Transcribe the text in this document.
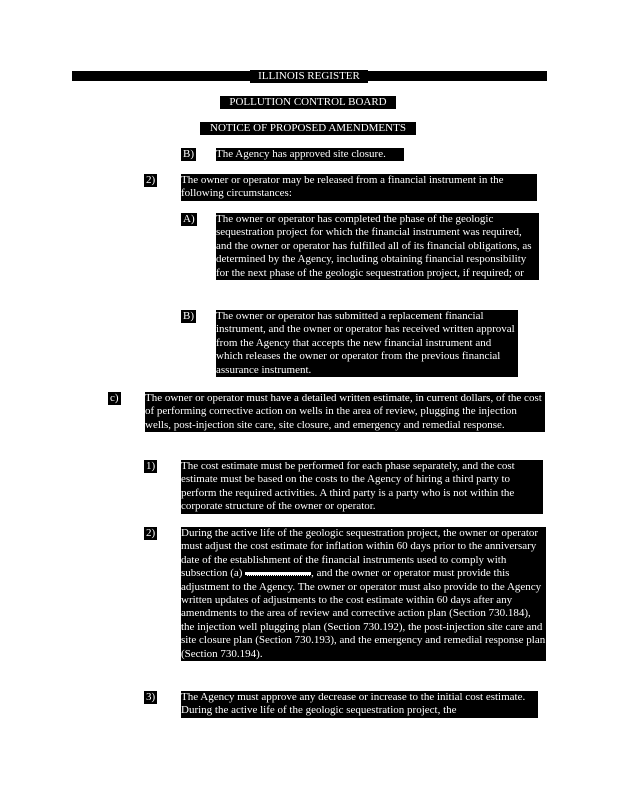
ILLINOIS REGISTER
POLLUTION CONTROL BOARD
NOTICE OF PROPOSED AMENDMENTS
B) The Agency has approved site closure.
2) The owner or operator may be released from a financial instrument in the following circumstances:
A) The owner or operator has completed the phase of the geologic sequestration project for which the financial instrument was required, and the owner or operator has fulfilled all of its financial obligations, as determined by the Agency, including obtaining financial responsibility for the next phase of the geologic sequestration project, if required; or
B) The owner or operator has submitted a replacement financial instrument, and the owner or operator has received written approval from the Agency that accepts the new financial instrument and which releases the owner or operator from the previous financial assurance instrument.
c) The owner or operator must have a detailed written estimate, in current dollars, of the cost of performing corrective action on wells in the area of review, plugging the injection wells, post-injection site care, site closure, and emergency and remedial response.
1) The cost estimate must be performed for each phase separately, and the cost estimate must be based on the costs to the Agency of hiring a third party to perform the required activities. A third party is a party who is not within the corporate structure of the owner or operator.
2) During the active life of the geologic sequestration project, the owner or operator must adjust the cost estimate for inflation within 60 days prior to the anniversary date of the establishment of the financial instruments used to comply with subsection (a)	, and the owner or operator must provide this adjustment to the Agency. The owner or operator must also provide to the Agency written updates of adjustments to the cost estimate within 60 days after any amendments to the area of review and corrective action plan (Section 730.184), the injection well plugging plan (Section 730.192), the post-injection site care and site closure plan (Section 730.193), and the emergency and remedial response plan (Section 730.194).
3) The Agency must approve any decrease or increase to the initial cost estimate. During the active life of the geologic sequestration project, the
